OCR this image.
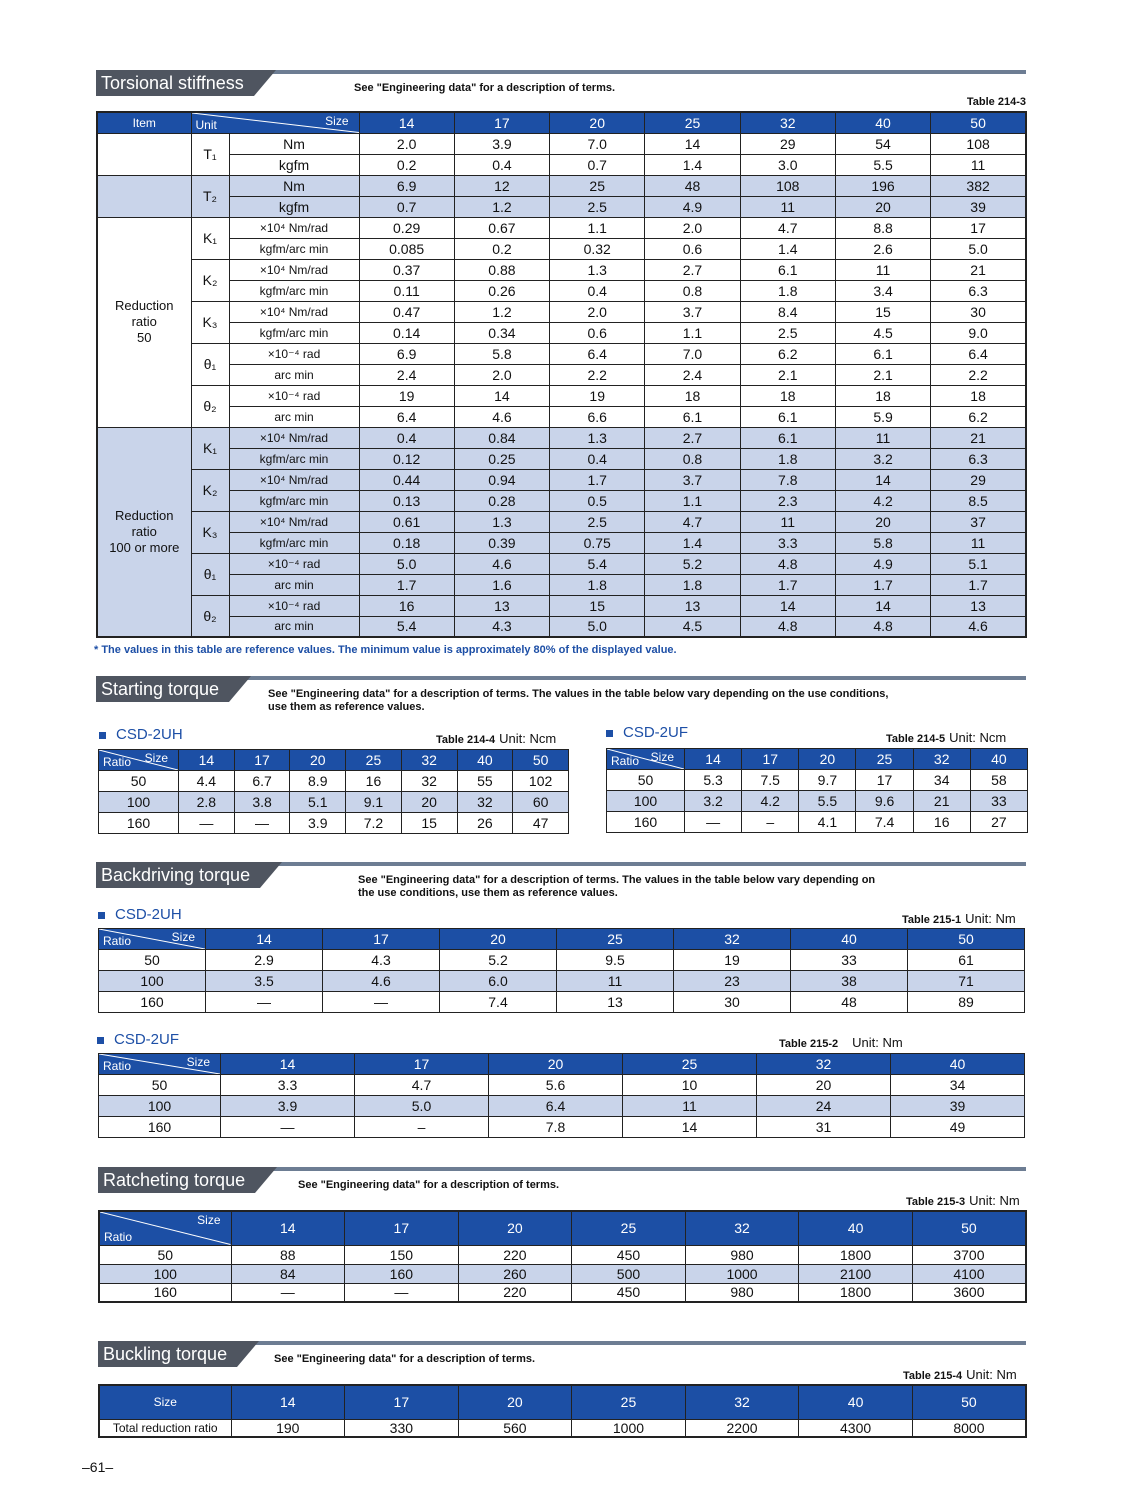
Torsional stiffness	See "Engineering data" for a description of terms.
Table 214-3
Item	Size
Unit		14	17	20	25	32	40	50
	T₁	Nm	2.0	3.9	7.0	14	29	54	108
		kgfm	0.2	0.4	0.7	1.4	3.0	5.5	11
	T₂	Nm	6.9	12	25	48	108	196	382
		kgfm	0.7	1.2	2.5	4.9	11	20	39

Reduction
ratio
50	K₁	×10⁴ Nm/rad	0.29	0.67	1.1	2.0	4.7	8.8	17
		kgfm/arc min	0.085	0.2	0.32	0.6	1.4	2.6	5.0
	K₂	×10⁴ Nm/rad	0.37	0.88	1.3	2.7	6.1	11	21
		kgfm/arc min	0.11	0.26	0.4	0.8	1.8	3.4	6.3
	K₃	×10⁴ Nm/rad	0.47	1.2	2.0	3.7	8.4	15	30
		kgfm/arc min	0.14	0.34	0.6	1.1	2.5	4.5	9.0
	θ₁	×10⁻⁴ rad	6.9	5.8	6.4	7.0	6.2	6.1	6.4
		arc min	2.4	2.0	2.2	2.4	2.1	2.1	2.2
	θ₂	×10⁻⁴ rad	19	14	19	18	18	18	18
		arc min	6.4	4.6	6.6	6.1	6.1	5.9	6.2

Reduction
ratio
100 or more	K₁	×10⁴ Nm/rad	0.4	0.84	1.3	2.7	6.1	11	21
		kgfm/arc min	0.12	0.25	0.4	0.8	1.8	3.2	6.3
	K₂	×10⁴ Nm/rad	0.44	0.94	1.7	3.7	7.8	14	29
		kgfm/arc min	0.13	0.28	0.5	1.1	2.3	4.2	8.5
	K₃	×10⁴ Nm/rad	0.61	1.3	2.5	4.7	11	20	37
		kgfm/arc min	0.18	0.39	0.75	1.4	3.3	5.8	11
	θ₁	×10⁻⁴ rad	5.0	4.6	5.4	5.2	4.8	4.9	5.1
		arc min	1.7	1.6	1.8	1.8	1.7	1.7	1.7
	θ₂	×10⁻⁴ rad	16	13	15	13	14	14	13
		arc min	5.4	4.3	5.0	4.5	4.8	4.8	4.6
* The values in this table are reference values. The minimum value is approximately 80% of the displayed value.
Starting torque	See "Engineering data" for a description of terms. The values in the table below vary depending on the use conditions,
use them as reference values.
CSD-2UH	Table 214-4 Unit: Ncm
Size
Ratio	14	17	20	25	32	40	50
50	4.4	6.7	8.9	16	32	55	102
100	2.8	3.8	5.1	9.1	20	32	60
160	—	—	3.9	7.2	15	26	47
CSD-2UF	Table 214-5 Unit: Ncm
Size
Ratio	14	17	20	25	32	40
50	5.3	7.5	9.7	17	34	58
100	3.2	4.2	5.5	9.6	21	33
160	—	–	4.1	7.4	16	27
Backdriving torque	See "Engineering data" for a description of terms. The values in the table below vary depending on
the use conditions, use them as reference values.
CSD-2UH	Table 215-1 Unit: Nm
Size
Ratio	14	17	20	25	32	40	50
50	2.9	4.3	5.2	9.5	19	33	61
100	3.5	4.6	6.0	11	23	38	71
160	—	—	7.4	13	30	48	89
CSD-2UF	Table 215-2 Unit: Nm
Size
Ratio	14	17	20	25	32	40
50	3.3	4.7	5.6	10	20	34
100	3.9	5.0	6.4	11	24	39
160	—	–	7.8	14	31	49
Ratcheting torque	See "Engineering data" for a description of terms.
Table 215-3 Unit: Nm
Size
Ratio	14	17	20	25	32	40	50
50	88	150	220	450	980	1800	3700
100	84	160	260	500	1000	2100	4100
160	—	—	220	450	980	1800	3600
Buckling torque	See "Engineering data" for a description of terms.
Table 215-4 Unit: Nm
Size	14	17	20	25	32	40	50
Total reduction ratio	190	330	560	1000	2200	4300	8000
–61–
